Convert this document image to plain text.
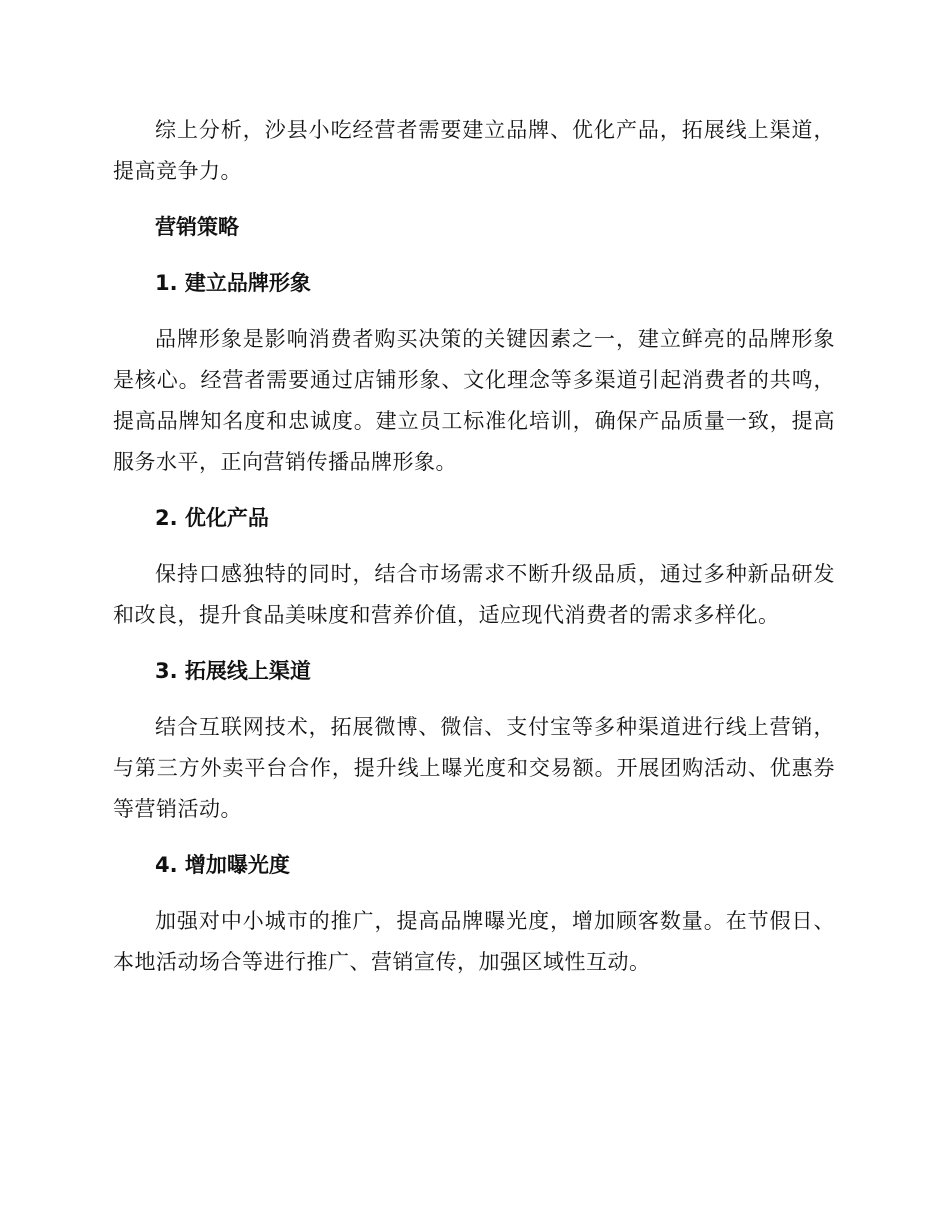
综上分析，沙县小吃经营者需要建立品牌、优化产品，拓展线上渠道，提高竞争力。

营销策略
1. 建立品牌形象

品牌形象是影响消费者购买决策的关键因素之一，建立鲜亮的品牌形象是核心。经营者需要通过店铺形象、文化理念等多渠道引起消费者的共鸣，提高品牌知名度和忠诚度。建立员工标准化培训，确保产品质量一致，提高服务水平，正向营销传播品牌形象。

2. 优化产品

保持口感独特的同时，结合市场需求不断升级品质，通过多种新品研发和改良，提升食品美味度和营养价值，适应现代消费者的需求多样化。

3. 拓展线上渠道

结合互联网技术，拓展微博、微信、支付宝等多种渠道进行线上营销，与第三方外卖平台合作，提升线上曝光度和交易额。开展团购活动、优惠券等营销活动。

4. 增加曝光度

加强对中小城市的推广，提高品牌曝光度，增加顾客数量。在节假日、本地活动场合等进行推广、营销宣传，加强区域性互动。
